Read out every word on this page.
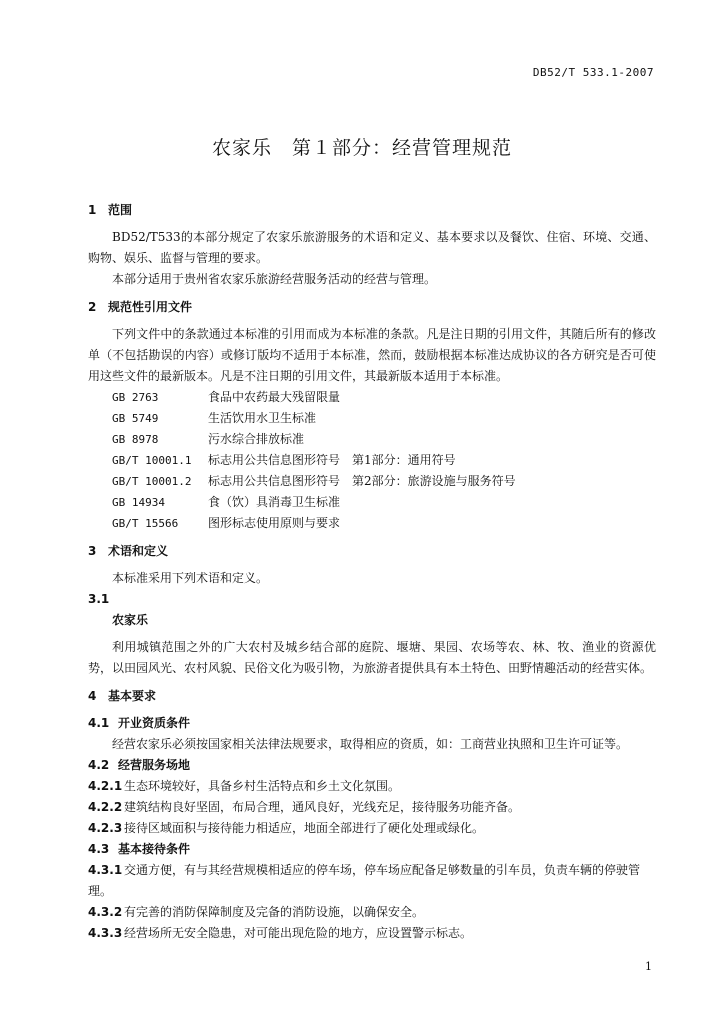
DB52/T 533.1-2007
农家乐　第１部分：经营管理规范
1 范围
BD52/T533的本部分规定了农家乐旅游服务的术语和定义、基本要求以及餐饮、住宿、环境、交通、购物、娱乐、监督与管理的要求。
本部分适用于贵州省农家乐旅游经营服务活动的经营与管理。
2 规范性引用文件
下列文件中的条款通过本标准的引用而成为本标准的条款。凡是注日期的引用文件，其随后所有的修改单（不包括勘误的内容）或修订版均不适用于本标准，然而，鼓励根据本标准达成协议的各方研究是否可使用这些文件的最新版本。凡是不注日期的引用文件，其最新版本适用于本标准。
GB 2763	食品中农药最大残留限量
GB 5749	生活饮用水卫生标准
GB 8978	污水综合排放标准
GB/T 10001.1	标志用公共信息图形符号　第1部分：通用符号
GB/T 10001.2	标志用公共信息图形符号　第2部分：旅游设施与服务符号
GB 14934	食（饮）具消毒卫生标准
GB/T 15566	图形标志使用原则与要求
3 术语和定义
本标准采用下列术语和定义。
3.1
农家乐
利用城镇范围之外的广大农村及城乡结合部的庭院、堰塘、果园、农场等农、林、牧、渔业的资源优势，以田园风光、农村风貌、民俗文化为吸引物，为旅游者提供具有本土特色、田野情趣活动的经营实体。
4 基本要求
4.1 开业资质条件
经营农家乐必须按国家相关法律法规要求，取得相应的资质，如：工商营业执照和卫生许可证等。
4.2 经营服务场地
4.2.1 生态环境较好，具备乡村生活特点和乡土文化氛围。
4.2.2 建筑结构良好坚固，布局合理，通风良好，光线充足，接待服务功能齐备。
4.2.3 接待区域面积与接待能力相适应，地面全部进行了硬化处理或绿化。
4.3 基本接待条件
4.3.1 交通方便，有与其经营规模相适应的停车场，停车场应配备足够数量的引车员，负责车辆的停驶管理。
4.3.2 有完善的消防保障制度及完备的消防设施，以确保安全。
4.3.3 经营场所无安全隐患，对可能出现危险的地方，应设置警示标志。
1
